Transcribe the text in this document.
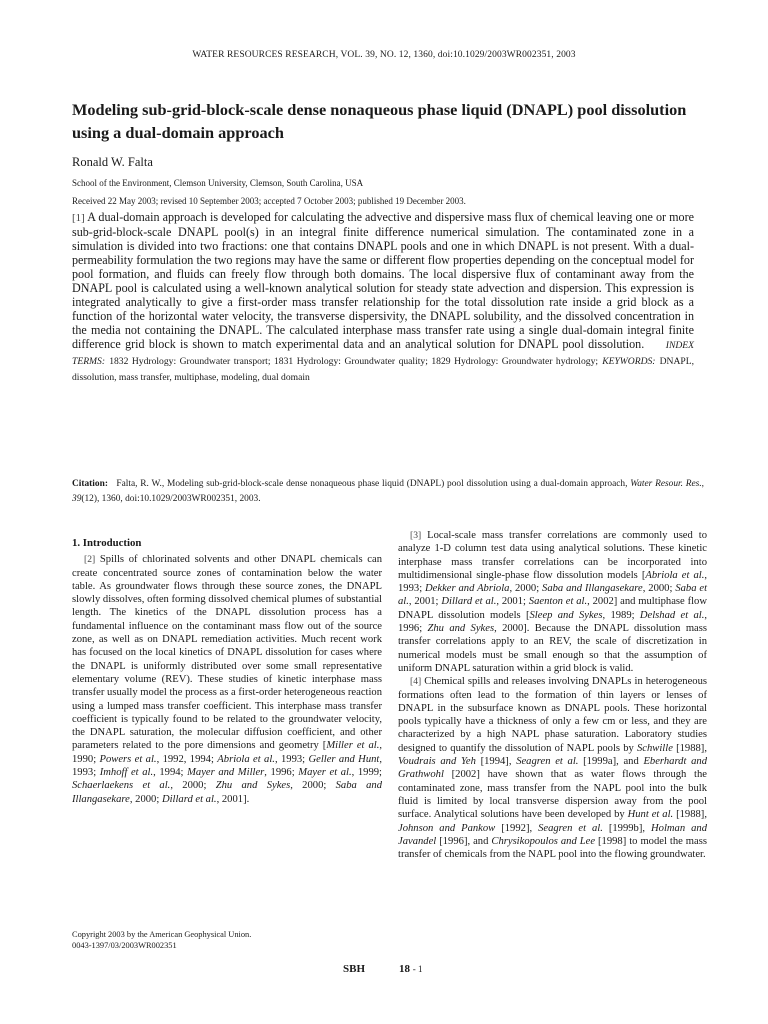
WATER RESOURCES RESEARCH, VOL. 39, NO. 12, 1360, doi:10.1029/2003WR002351, 2003
Modeling sub-grid-block-scale dense nonaqueous phase liquid (DNAPL) pool dissolution using a dual-domain approach
Ronald W. Falta
School of the Environment, Clemson University, Clemson, South Carolina, USA
Received 22 May 2003; revised 10 September 2003; accepted 7 October 2003; published 19 December 2003.

[1] A dual-domain approach is developed for calculating the advective and dispersive mass flux of chemical leaving one or more sub-grid-block-scale DNAPL pool(s) in an integral finite difference numerical simulation. The contaminated zone in a simulation is divided into two fractions: one that contains DNAPL pools and one in which DNAPL is not present. With a dual-permeability formulation the two regions may have the same or different flow properties depending on the conceptual model for pool formation, and fluids can freely flow through both domains. The local dispersive flux of contaminant away from the DNAPL pool is calculated using a well-known analytical solution for steady state advection and dispersion. This expression is integrated analytically to give a first-order mass transfer relationship for the total dissolution rate inside a grid block as a function of the horizontal water velocity, the transverse dispersivity, the DNAPL solubility, and the dissolved concentration in the media not containing the DNAPL. The calculated interphase mass transfer rate using a single dual-domain integral finite difference grid block is shown to match experimental data and an analytical solution for DNAPL pool dissolution. INDEX TERMS: 1832 Hydrology: Groundwater transport; 1831 Hydrology: Groundwater quality; 1829 Hydrology: Groundwater hydrology; KEYWORDS: DNAPL, dissolution, mass transfer, multiphase, modeling, dual domain

Citation: Falta, R. W., Modeling sub-grid-block-scale dense nonaqueous phase liquid (DNAPL) pool dissolution using a dual-domain approach, Water Resour. Res., 39(12), 1360, doi:10.1029/2003WR002351, 2003.

1. Introduction

[2] Spills of chlorinated solvents and other DNAPL chemicals can create concentrated source zones of contamination below the water table. As groundwater flows through these source zones, the DNAPL slowly dissolves, often forming dissolved chemical plumes of substantial length. The kinetics of the DNAPL dissolution process has a fundamental influence on the contaminant mass flow out of the source zone, as well as on DNAPL remediation activities. Much recent work has focused on the local kinetics of DNAPL dissolution for cases where the DNAPL is uniformly distributed over some small representative elementary volume (REV). These studies of kinetic interphase mass transfer usually model the process as a first-order heterogeneous reaction using a lumped mass transfer coefficient. This interphase mass transfer coefficient is typically found to be related to the groundwater velocity, the DNAPL saturation, the molecular diffusion coefficient, and other parameters related to the pore dimensions and geometry [Miller et al., 1990; Powers et al., 1992, 1994; Abriola et al., 1993; Geller and Hunt, 1993; Imhoff et al., 1994; Mayer and Miller, 1996; Mayer et al., 1999; Schaerlaekens et al., 2000; Zhu and Sykes, 2000; Saba and Illangasekare, 2000; Dillard et al., 2001].

[3] Local-scale mass transfer correlations are commonly used to analyze 1-D column test data using analytical solutions. These kinetic interphase mass transfer correlations can be incorporated into multidimensional single-phase flow dissolution models [Abriola et al., 1993; Dekker and Abriola, 2000; Saba and Illangasekare, 2000; Saba et al., 2001; Dillard et al., 2001; Saenton et al., 2002] and multiphase flow DNAPL dissolution models [Sleep and Sykes, 1989; Delshad et al., 1996; Zhu and Sykes, 2000]. Because the DNAPL dissolution mass transfer correlations apply to an REV, the scale of discretization in numerical models must be small enough so that the assumption of uniform DNAPL saturation within a grid block is valid.

[4] Chemical spills and releases involving DNAPLs in heterogeneous formations often lead to the formation of thin layers or lenses of DNAPL in the subsurface known as DNAPL pools. These horizontal pools typically have a thickness of only a few cm or less, and they are characterized by a high NAPL phase saturation. Laboratory studies designed to quantify the dissolution of NAPL pools by Schwille [1988], Voudrais and Yeh [1994], Seagren et al. [1999a], and Eberhardt and Grathwohl [2002] have shown that as water flows through the contaminated zone, mass transfer from the NAPL pool into the bulk fluid is limited by local transverse dispersion away from the pool surface. Analytical solutions have been developed by Hunt et al. [1988], Johnson and Pankow [1992], Seagren et al. [1999b], Holman and Javandel [1996], and Chrysikopoulos and Lee [1998] to model the mass transfer of chemicals from the NAPL pool into the flowing groundwater.

Copyright 2003 by the American Geophysical Union.
0043-1397/03/2003WR002351
SBH	18 - 1
